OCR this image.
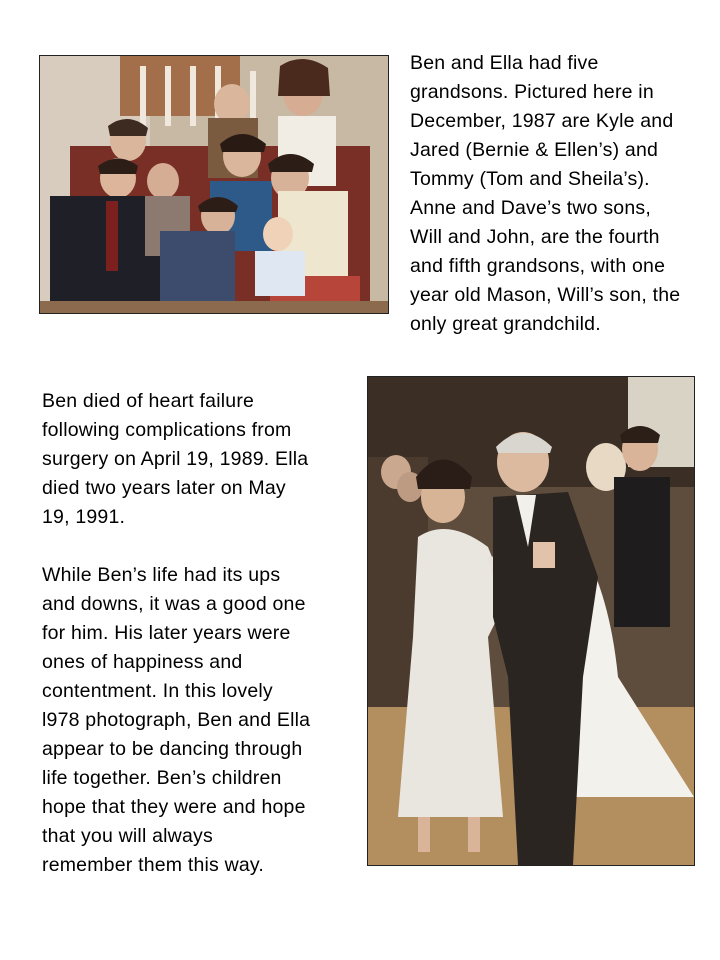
Ben and Ella had five
grandsons. Pictured here in
December, 1987 are Kyle and
Jared (Bernie & Ellen’s) and
Tommy (Tom and Sheila’s).
Anne and Dave’s two sons,
Will and John, are the fourth
and fifth grandsons, with one
year old Mason, Will’s son, the
only great grandchild.

Ben died of heart failure
following complications from
surgery on April 19, 1989. Ella
died two years later on May
19, 1991.

While Ben’s life had its ups
and downs, it was a good one
for him. His later years were
ones of happiness and
contentment. In this lovely
l978 photograph, Ben and Ella
appear to be dancing through
life together. Ben’s children
hope that they were and hope
that you will always
remember them this way.
